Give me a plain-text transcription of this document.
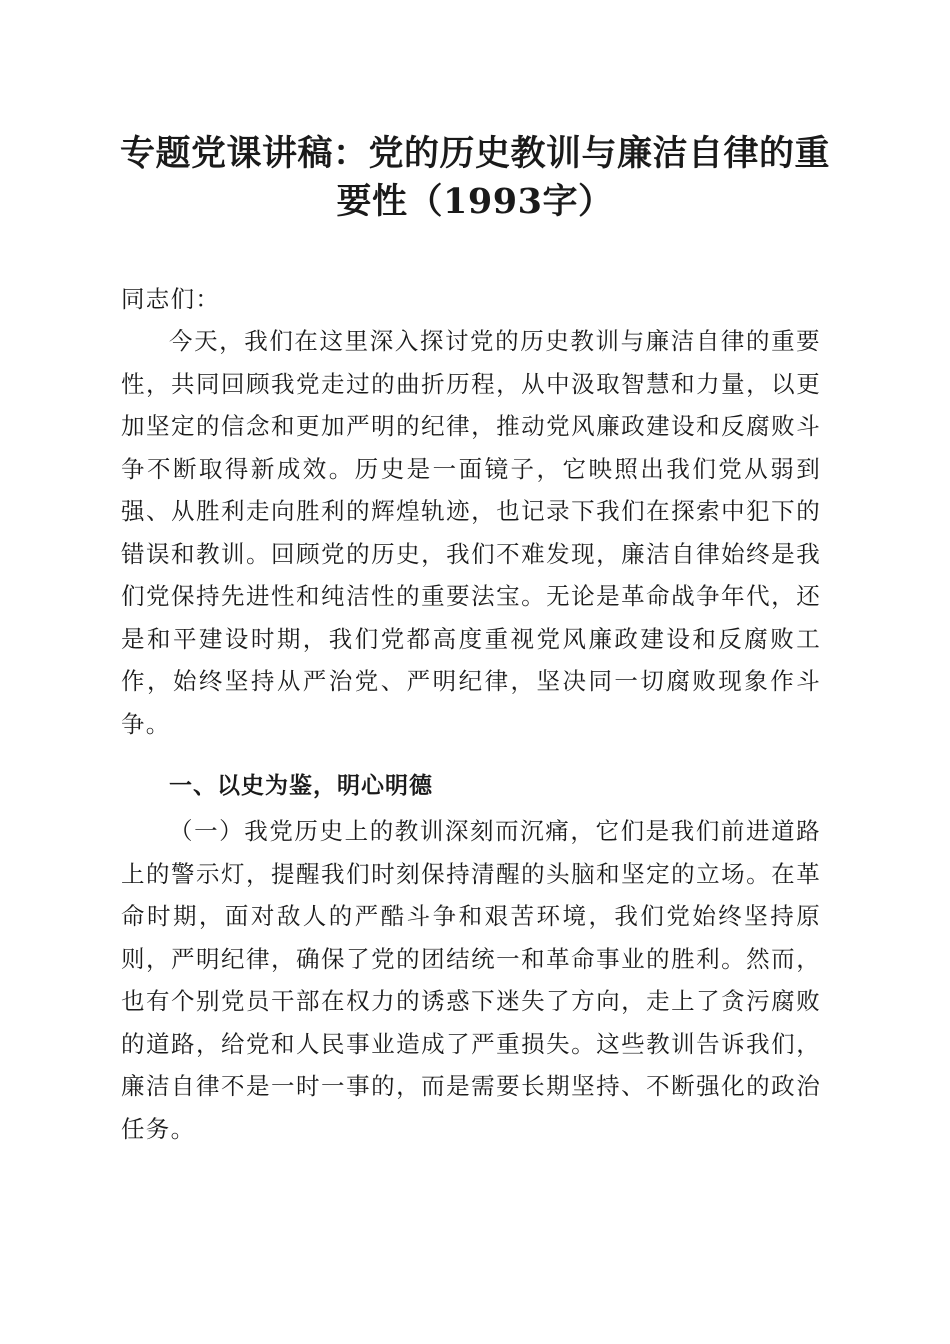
专题党课讲稿：党的历史教训与廉洁自律的重要性（1993字）

同志们：

今天，我们在这里深入探讨党的历史教训与廉洁自律的重要性，共同回顾我党走过的曲折历程，从中汲取智慧和力量，以更加坚定的信念和更加严明的纪律，推动党风廉政建设和反腐败斗争不断取得新成效。历史是一面镜子，它映照出我们党从弱到强、从胜利走向胜利的辉煌轨迹，也记录下我们在探索中犯下的错误和教训。回顾党的历史，我们不难发现，廉洁自律始终是我们党保持先进性和纯洁性的重要法宝。无论是革命战争年代，还是和平建设时期，我们党都高度重视党风廉政建设和反腐败工作，始终坚持从严治党、严明纪律，坚决同一切腐败现象作斗争。

一、以史为鉴，明心明德

（一）我党历史上的教训深刻而沉痛，它们是我们前进道路上的警示灯，提醒我们时刻保持清醒的头脑和坚定的立场。在革命时期，面对敌人的严酷斗争和艰苦环境，我们党始终坚持原则，严明纪律，确保了党的团结统一和革命事业的胜利。然而，也有个别党员干部在权力的诱惑下迷失了方向，走上了贪污腐败的道路，给党和人民事业造成了严重损失。这些教训告诉我们，廉洁自律不是一时一事的，而是需要长期坚持、不断强化的政治任务。
